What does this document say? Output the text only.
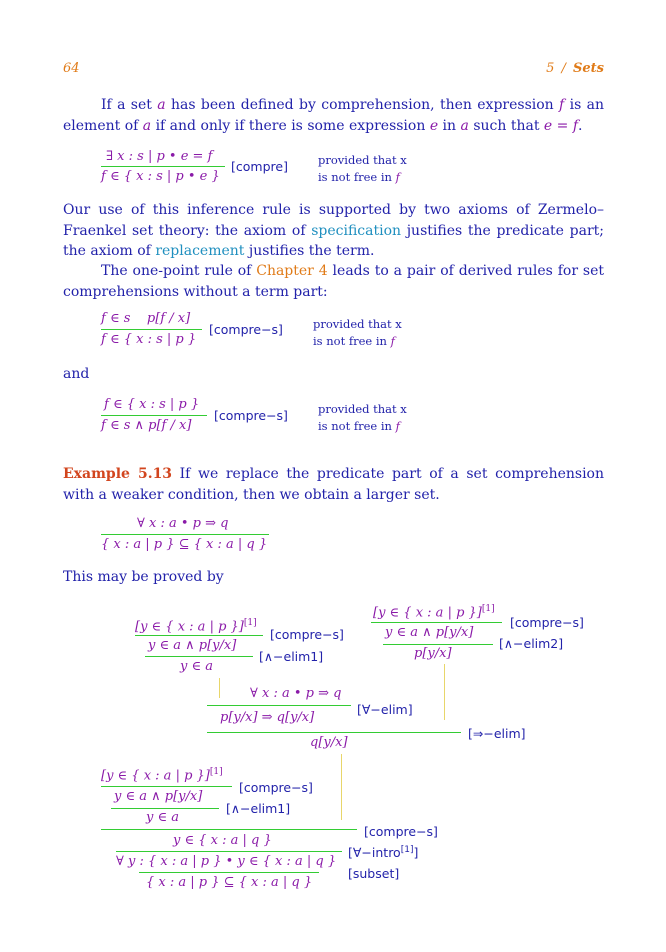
64	5 / Sets
If a set a has been defined by comprehension, then expression f is an element of a if and only if there is some expression e in a such that e = f.
∃ x : s | p • e = f
f ∈ { x : s | p • e }
[compre]	provided that x
is not free in f
Our use of this inference rule is supported by two axioms of Zermelo–Fraenkel set theory: the axiom of specification justifies the predicate part; the axiom of replacement justifies the term.
The one-point rule of Chapter 4 leads to a pair of derived rules for set comprehensions without a term part:
f ∈ s    p[f / x]
f ∈ { x : s | p }
[compre−s]	provided that x
is not free in f
and
f ∈ { x : s | p }
f ∈ s ∧ p[f / x]
[compre−s]	provided that x
is not free in f
Example 5.13 If we replace the predicate part of a set comprehension with a weaker condition, then we obtain a larger set.
∀ x : a • p ⇒ q
{ x : a | p } ⊆ { x : a | q }
This may be proved by
[y ∈ { x : a | p }][1]
[compre−s]
y ∈ a ∧ p[y/x]
[∧−elim1]
y ∈ a
[y ∈ { x : a | p }][1]
[compre−s]
y ∈ a ∧ p[y/x]
[∧−elim2]
p[y/x]
∀ x : a • p ⇒ q
[∀−elim]
p[y/x] ⇒ q[y/x]
[⇒−elim]
q[y/x]
[y ∈ { x : a | p }][1]
[compre−s]
y ∈ a ∧ p[y/x]
[∧−elim1]
y ∈ a
[compre−s]
y ∈ { x : a | q }
[∀−intro[1]]
∀ y : { x : a | p } • y ∈ { x : a | q }
[subset]
{ x : a | p } ⊆ { x : a | q }
